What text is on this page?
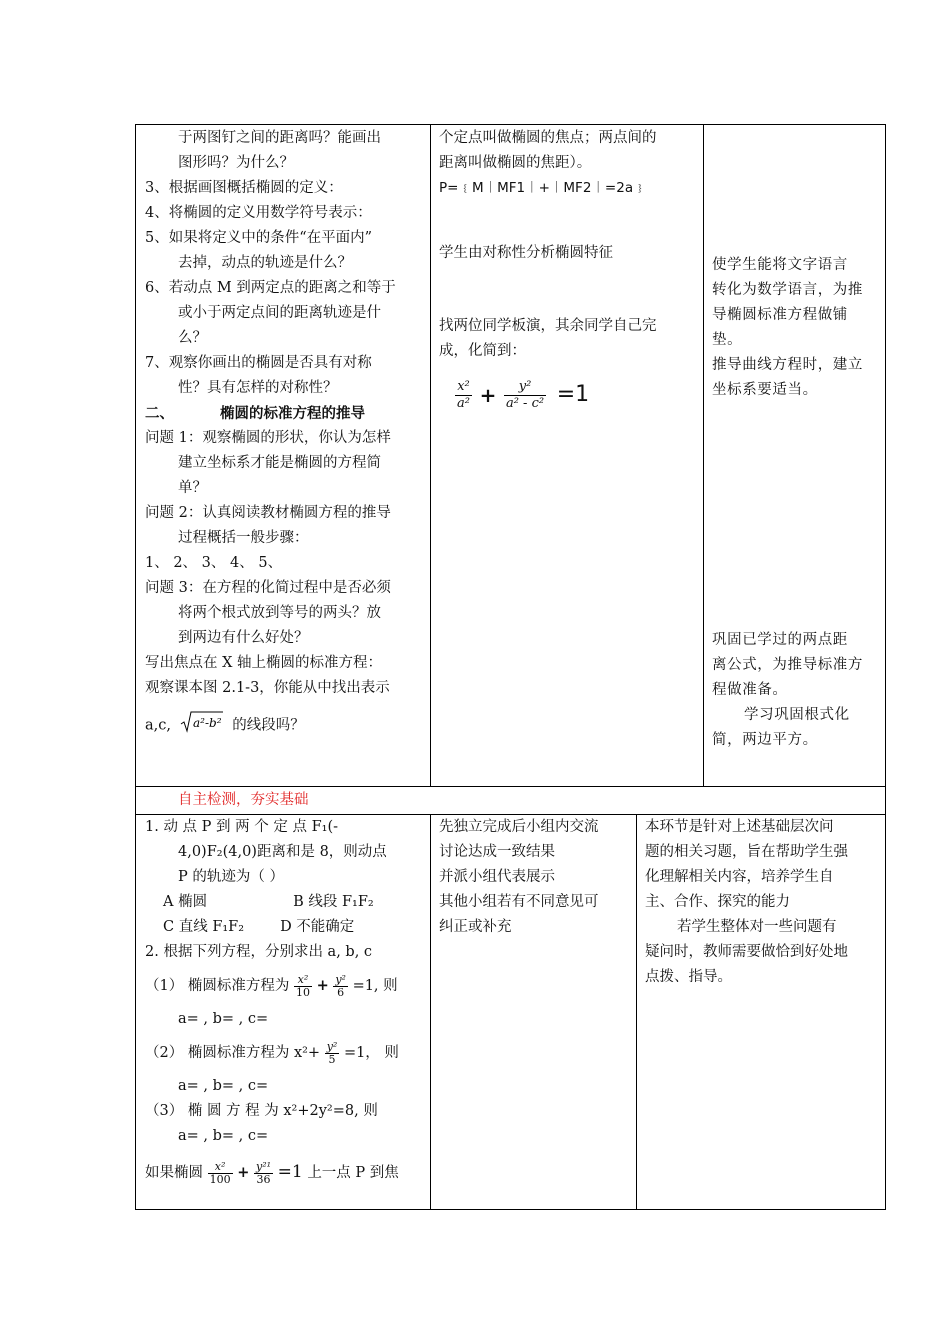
于两图钉之间的距离吗？能画出
图形吗？为什么？
3、根据画图概括椭圆的定义：
4、将椭圆的定义用数学符号表示：
5、如果将定义中的条件“在平面内”
去掉，动点的轨迹是什么？
6、若动点 M 到两定点的距离之和等于
或小于两定点间的距离轨迹是什
么？
7、观察你画出的椭圆是否具有对称
性？具有怎样的对称性？
二、	椭圆的标准方程的推导
问题 1：观察椭圆的形状，你认为怎样
建立坐标系才能是椭圆的方程简
单？
问题 2：认真阅读教材椭圆方程的推导
过程概括一般步骤：
1、 2、 3、 4、 5、
问题 3：在方程的化简过程中是否必须
将两个根式放到等号的两头？放
到两边有什么好处？
写出焦点在 X 轴上椭圆的标准方程：
观察课本图 2.1-3，你能从中找出表示
a,c, a²-b² 的线段吗？
个定点叫做椭圆的焦点；两点间的
距离叫做椭圆的焦距）。
P=﹛M︱MF1︱+︱MF2︱=2a﹜
学生由对称性分析椭圆特征
找两位同学板演，其余同学自己完
成，化简到：
$\frac{\text{x²}}{\text{a²}} + \frac{\text{y²}}{\text{a² - c²}} =1$
使学生能将文字语言
转化为数学语言，为推
导椭圆标准方程做铺
垫。
推导曲线方程时，建立
坐标系要适当。
巩固已学过的两点距
离公式，为推导标准方
程做准备。
学习巩固根式化
简，两边平方。
自主检测，夯实基础
1. 动 点 P 到 两 个 定 点 F₁(-
4,0)F₂(4,0)距离和是 8，则动点
P 的轨迹为（ ）
A 椭圆	B 线段 F₁F₂
C 直线 F₁F₂ D 不能确定
2. 根据下列方程，分别求出 a, b, c
（1） 椭圆标准方程为 $\frac{\text{x²}}{10} + \frac{\text{y²}}{6} =1$, 则
a= , b= , c=
（2） 椭圆标准方程为 $x^2+ \frac{\text{y²}}{5} =1$， 则
a= , b= , c=
（3） 椭 圆 方 程 为 x²+2y²=8, 则
a= , b= , c=
如果椭圆 $\frac{\text{x²}}{100} + \frac{\text{y²¹}}{36} =1$ 上一点 P 到焦
先独立完成后小组内交流
讨论达成一致结果
并派小组代表展示
其他小组若有不同意见可
纠正或补充
本环节是针对上述基础层次问
题的相关习题，旨在帮助学生强
化理解相关内容，培养学生自
主、合作、探究的能力
若学生整体对一些问题有
疑问时，教师需要做恰到好处地
点拨、指导。
